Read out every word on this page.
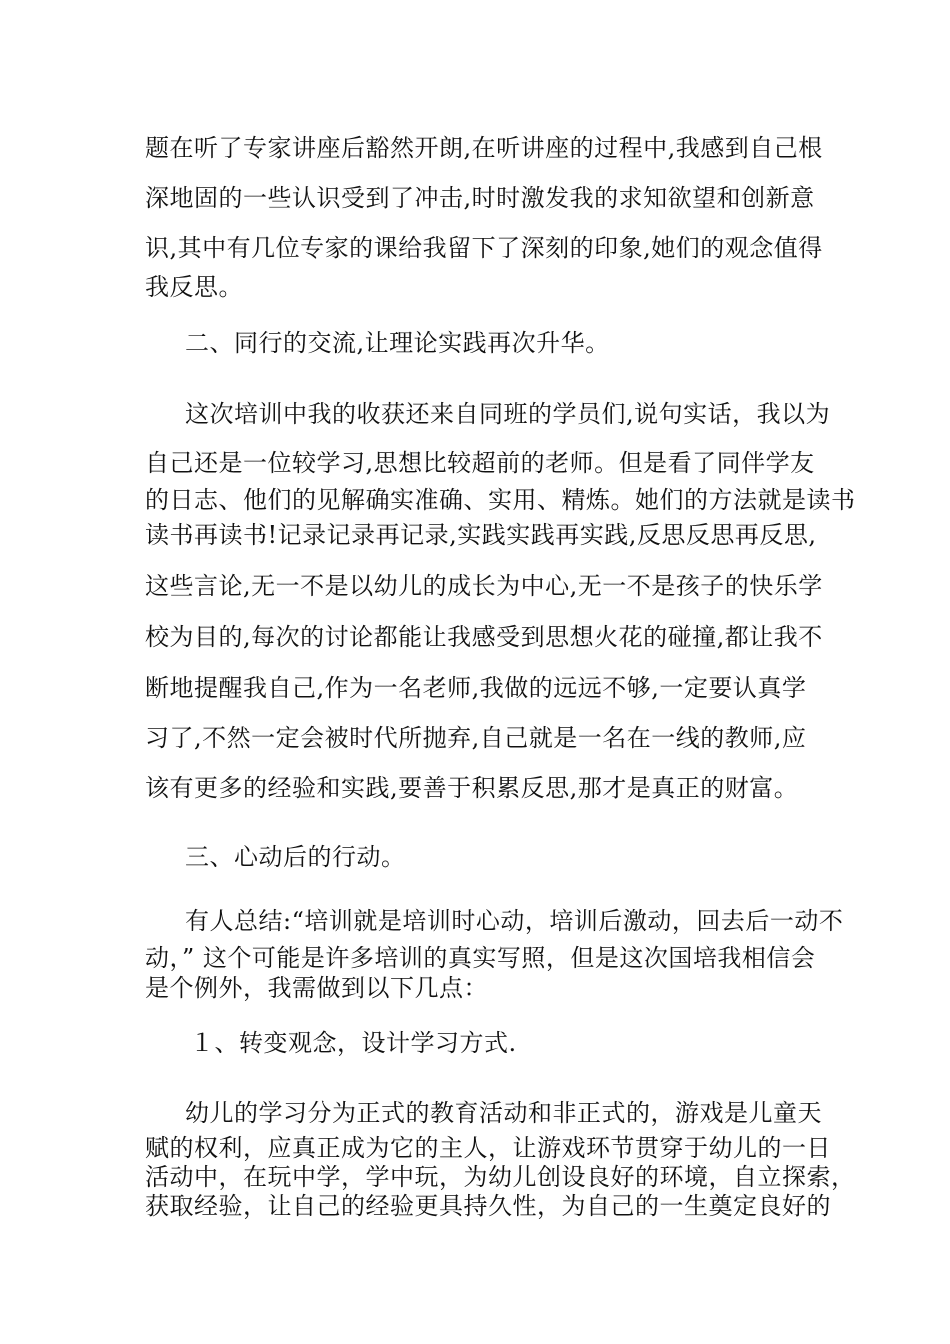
题在听了专家讲座后豁然开朗,在听讲座的过程中,我感到自己根
深地固的一些认识受到了冲击,时时激发我的求知欲望和创新意
识,其中有几位专家的课给我留下了深刻的印象,她们的观念值得
我反思。
二、同行的交流,让理论实践再次升华。
这次培训中我的收获还来自同班的学员们,说句实话，我以为
自己还是一位较学习,思想比较超前的老师。但是看了同伴学友
的日志、他们的见解确实准确、实用、精炼。她们的方法就是读书
读书再读书!记录记录再记录,实践实践再实践,反思反思再反思,
这些言论,无一不是以幼儿的成长为中心,无一不是孩子的快乐学
校为目的,每次的讨论都能让我感受到思想火花的碰撞,都让我不
断地提醒我自己,作为一名老师,我做的远远不够,一定要认真学
习了,不然一定会被时代所抛弃,自己就是一名在一线的教师,应
该有更多的经验和实践,要善于积累反思,那才是真正的财富。
三、心动后的行动。
有人总结:“培训就是培训时心动，培训后激动，回去后一动不
动，” 这个可能是许多培训的真实写照，但是这次国培我相信会
是个例外，我需做到以下几点：
１、转变观念，设计学习方式.
幼儿的学习分为正式的教育活动和非正式的，游戏是儿童天
赋的权利，应真正成为它的主人，让游戏环节贯穿于幼儿的一日
活动中，在玩中学，学中玩，为幼儿创设良好的环境，自立探索，
获取经验，让自己的经验更具持久性，为自己的一生奠定良好的
